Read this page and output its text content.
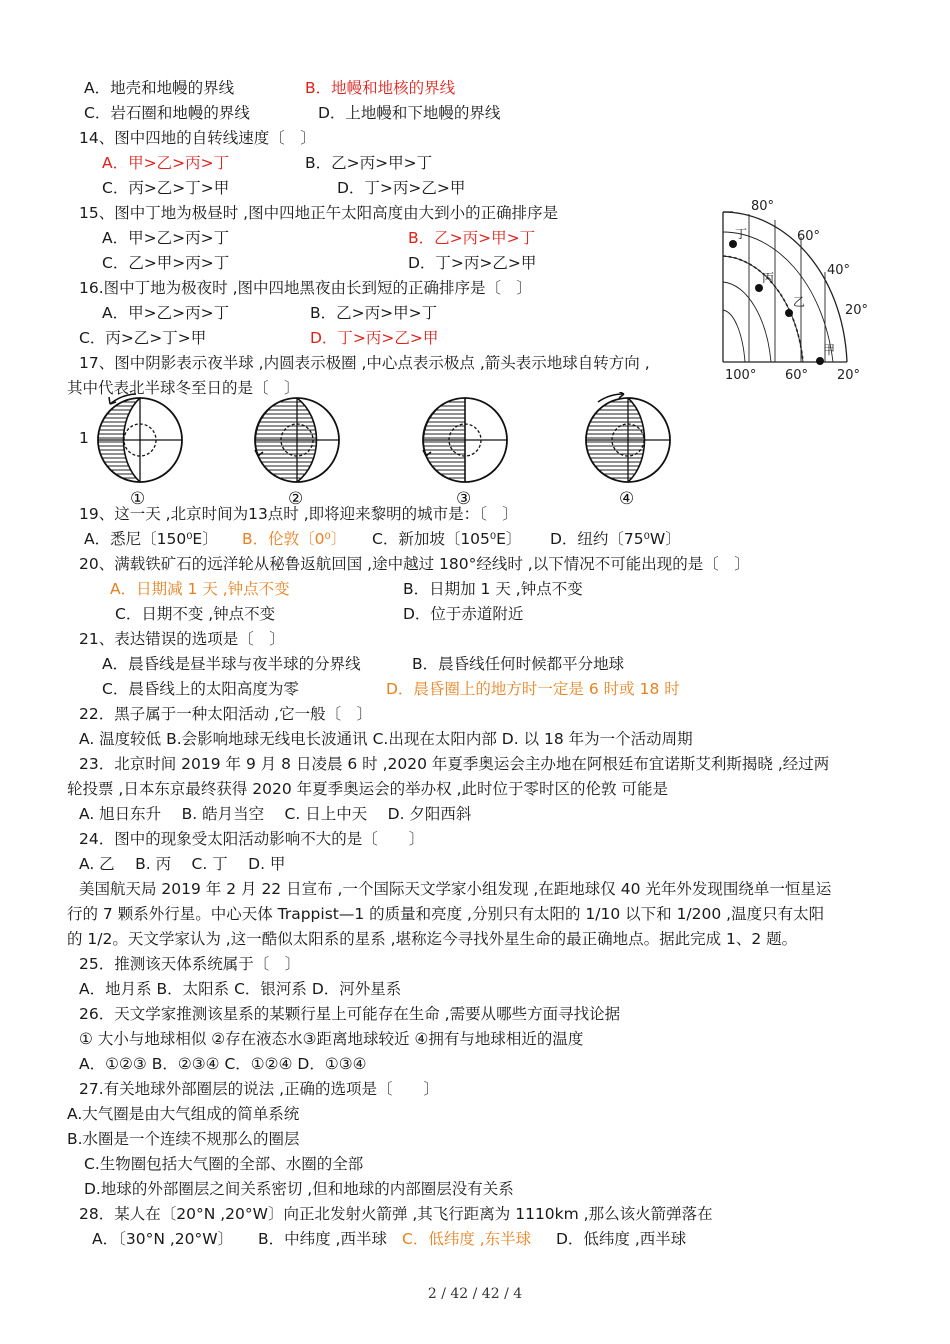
A．地壳和地幔的界线	B．地幔和地核的界线
C．岩石圈和地幔的界线	D．上地幔和下地幔的界线
14、图中四地的自转线速度〔　〕
A．甲>乙>丙>丁	B．乙>丙>甲>丁
C．丙>乙>丁>甲	D．丁>丙>乙>甲
15、图中丁地为极昼时 ,图中四地正午太阳高度由大到小的正确排序是
A．甲>乙>丙>丁	B．乙>丙>甲>丁
C．乙>甲>丙>丁	D．丁>丙>乙>甲
16.图中丁地为极夜时 ,图中四地黑夜由长到短的正确排序是〔　〕
A．甲>乙>丙>丁	B．乙>丙>甲>丁
C．丙>乙>丁>甲	D．丁>丙>乙>甲
17、图中阴影表示夜半球 ,内圆表示极圈 ,中心点表示极点 ,箭头表示地球自转方向 ,
其中代表北半球冬至日的是〔　〕
1
80°
60°
40°
20°
100° 60° 20°
丁
丙
乙
甲
①	②	③	④
19、这一天 ,北京时间为13点时 ,即将迎来黎明的城市是：〔　〕
A．悉尼〔150⁰E〕 B．伦敦〔0⁰〕 C．新加坡〔105⁰E〕 D．纽约〔75⁰W〕
20、满载铁矿石的远洋轮从秘鲁返航回国 ,途中越过 180°经线时 ,以下情况不可能出现的是〔　〕
A．日期减 1 天 ,钟点不变	B．日期加 1 天 ,钟点不变
C．日期不变 ,钟点不变	D．位于赤道附近
21、表达错误的选项是〔　〕
A．晨昏线是昼半球与夜半球的分界线	B．晨昏线任何时候都平分地球
C．晨昏线上的太阳高度为零	D．晨昏圈上的地方时一定是 6 时或 18 时
22．黑子属于一种太阳活动 ,它一般〔　〕
A. 温度较低 B.会影响地球无线电长波通讯 C.出现在太阳内部 D. 以 18 年为一个活动周期
23．北京时间 2019 年 9 月 8 日凌晨 6 时 ,2020 年夏季奥运会主办地在阿根廷布宜诺斯艾利斯揭晓 ,经过两
轮投票 ,日本东京最终获得 2020 年夏季奥运会的举办权 ,此时位于零时区的伦敦 可能是
A. 旭日东升　 B. 皓月当空　 C. 日上中天　 D. 夕阳西斜
24．图中的现象受太阳活动影响不大的是〔　　〕
A. 乙　 B. 丙　 C. 丁　 D. 甲
美国航天局 2019 年 2 月 22 日宣布 ,一个国际天文学家小组发现 ,在距地球仅 40 光年外发现围绕单一恒星运
行的 7 颗系外行星。中心天体 Trappist—1 的质量和亮度 ,分别只有太阳的 1/10 以下和 1/200 ,温度只有太阳
的 1/2。天文学家认为 ,这一酷似太阳系的星系 ,堪称迄今寻找外星生命的最正确地点。据此完成 1、2 题。
25．推测该天体系统属于〔　〕
A．地月系 B．太阳系 C．银河系 D．河外星系
26．天文学家推测该星系的某颗行星上可能存在生命 ,需要从哪些方面寻找论据
① 大小与地球相似 ②存在液态水③距离地球较近 ④拥有与地球相近的温度
A．①②③ B．②③④ C．①②④ D．①③④
27.有关地球外部圈层的说法 ,正确的选项是〔　　〕
A.大气圈是由大气组成的简单系统
B.水圈是一个连续不规那么的圈层
C.生物圈包括大气圈的全部、水圈的全部
D.地球的外部圈层之间关系密切 ,但和地球的内部圈层没有关系
28．某人在〔20°N ,20°W〕向正北发射火箭弹 ,其飞行距离为 1110km ,那么该火箭弹落在
A．〔30°N ,20°W〕 B．中纬度 ,西半球 C．低纬度 ,东半球 D．低纬度 ,西半球
2 / 42 / 42 / 4
